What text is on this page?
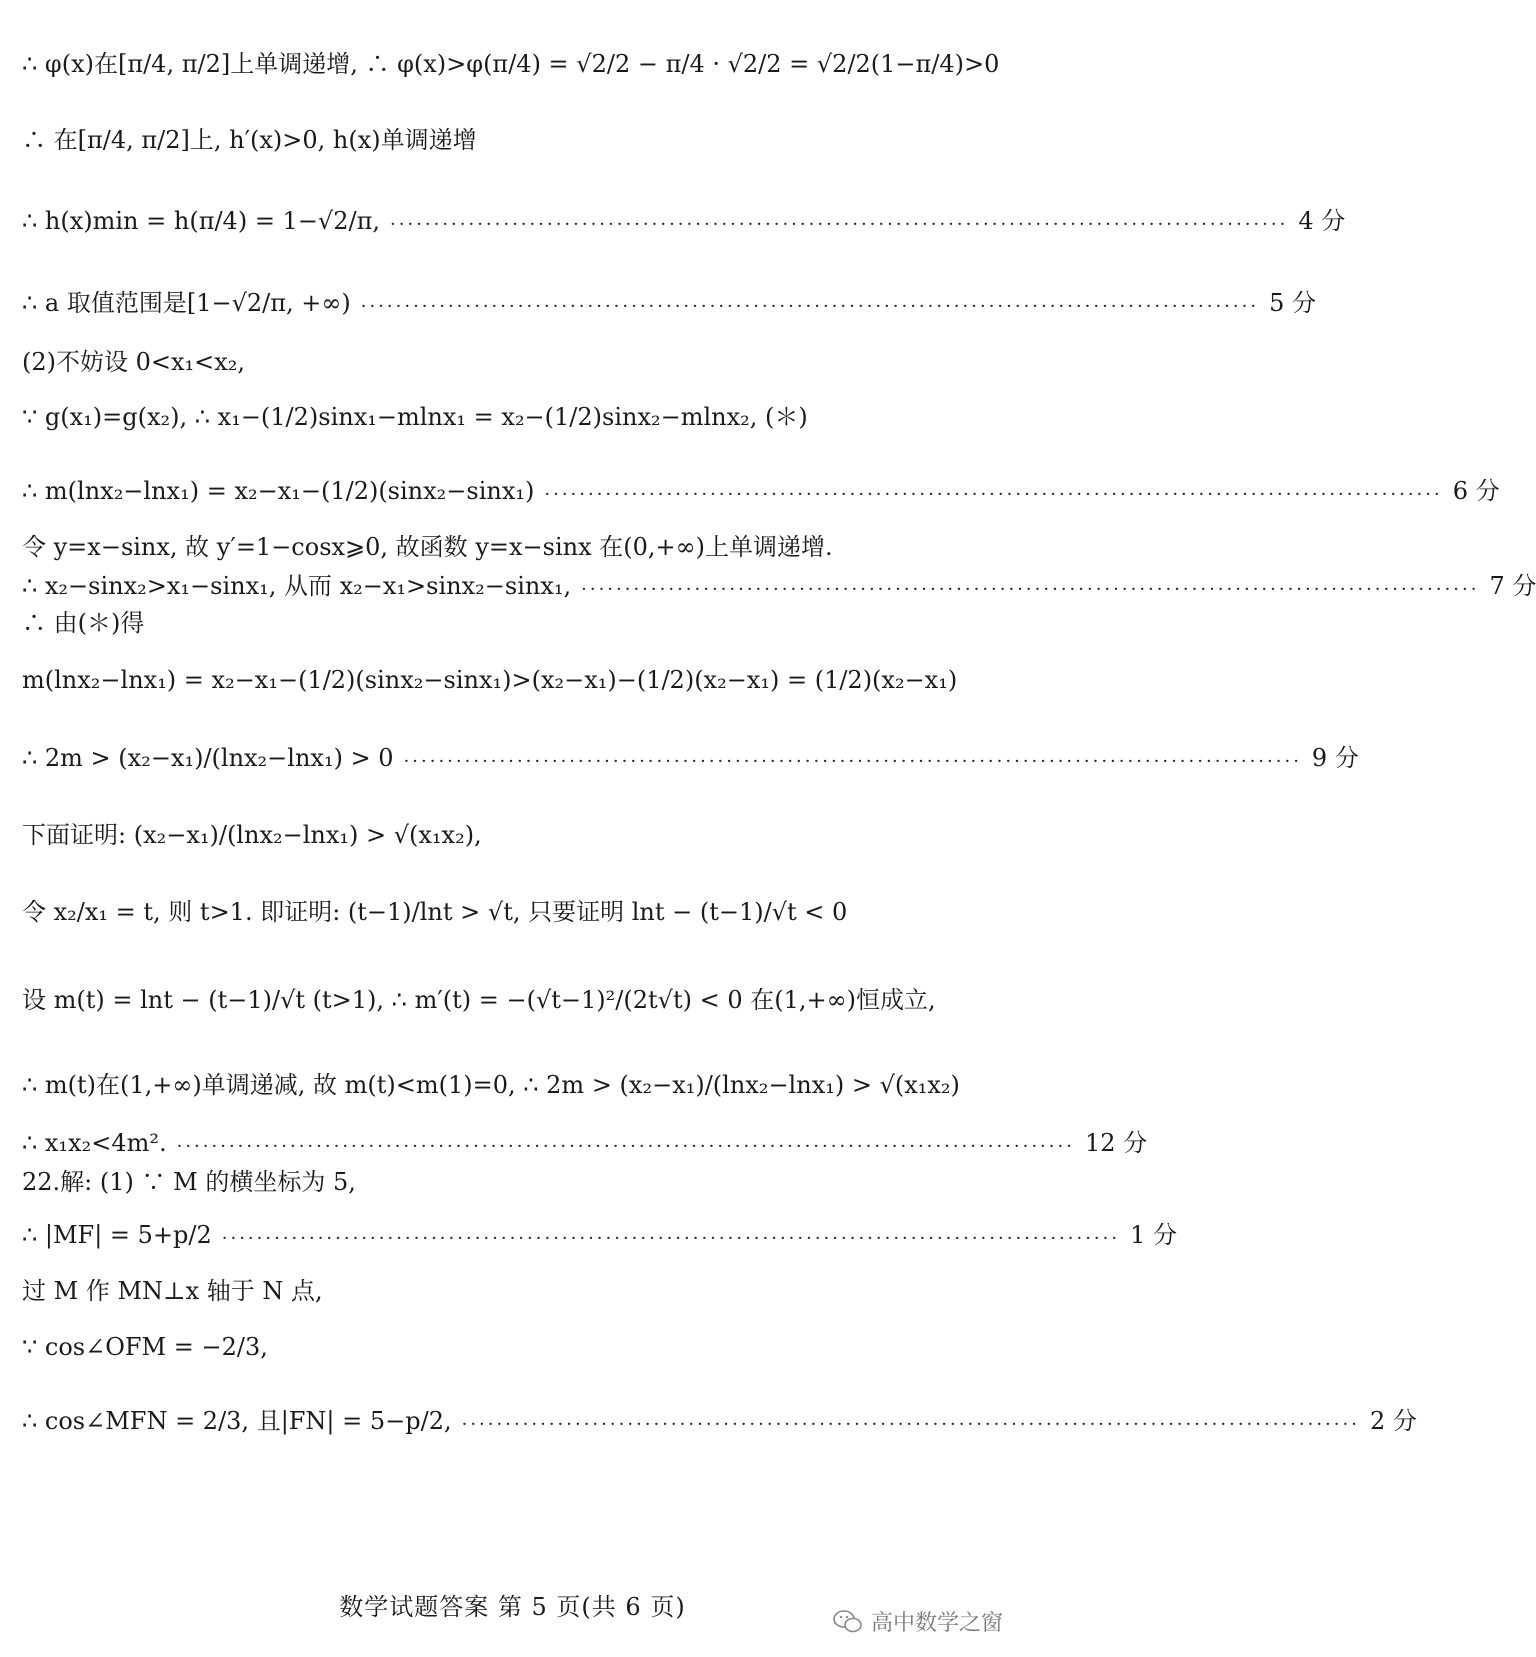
∴ φ(x)在[π/4, π/2]上单调递增, ∴ φ(x)>φ(π/4) = √2/2 − π/4 · √2/2 = √2/2(1−π/4)>0
∴ 在[π/4, π/2]上, h′(x)>0, h(x)单调递增
∴ h(x)min = h(π/4) = 1−√2/π, ······································································································· 4 分
∴ a 取值范围是[1−√2/π, +∞) ······································································································· 5 分
(2)不妨设 0<x₁<x₂,
∵ g(x₁)=g(x₂), ∴ x₁−(1/2)sinx₁−mlnx₁ = x₂−(1/2)sinx₂−mlnx₂, (＊)
∴ m(lnx₂−lnx₁) = x₂−x₁−(1/2)(sinx₂−sinx₁) ······································································································· 6 分
令 y=x−sinx, 故 y′=1−cosx⩾0, 故函数 y=x−sinx 在(0,+∞)上单调递增.
∴ x₂−sinx₂>x₁−sinx₁, 从而 x₂−x₁>sinx₂−sinx₁, ······································································································· 7 分
∴ 由(＊)得
m(lnx₂−lnx₁) = x₂−x₁−(1/2)(sinx₂−sinx₁)>(x₂−x₁)−(1/2)(x₂−x₁) = (1/2)(x₂−x₁)
∴ 2m > (x₂−x₁)/(lnx₂−lnx₁) > 0 ······································································································· 9 分
下面证明: (x₂−x₁)/(lnx₂−lnx₁) > √(x₁x₂),
令 x₂/x₁ = t, 则 t>1. 即证明: (t−1)/lnt > √t, 只要证明 lnt − (t−1)/√t < 0
设 m(t) = lnt − (t−1)/√t (t>1), ∴ m′(t) = −(√t−1)²/(2t√t) < 0 在(1,+∞)恒成立,
∴ m(t)在(1,+∞)单调递减, 故 m(t)<m(1)=0, ∴ 2m > (x₂−x₁)/(lnx₂−lnx₁) > √(x₁x₂)
∴ x₁x₂<4m². ······································································································· 12 分
22.解: (1) ∵ M 的横坐标为 5,
∴ |MF| = 5+p/2 ······································································································· 1 分
过 M 作 MN⊥x 轴于 N 点,
∵ cos∠OFM = −2/3,
∴ cos∠MFN = 2/3, 且|FN| = 5−p/2, ······································································································· 2 分
数学试题答案 第 5 页(共 6 页)
高中数学之窗
